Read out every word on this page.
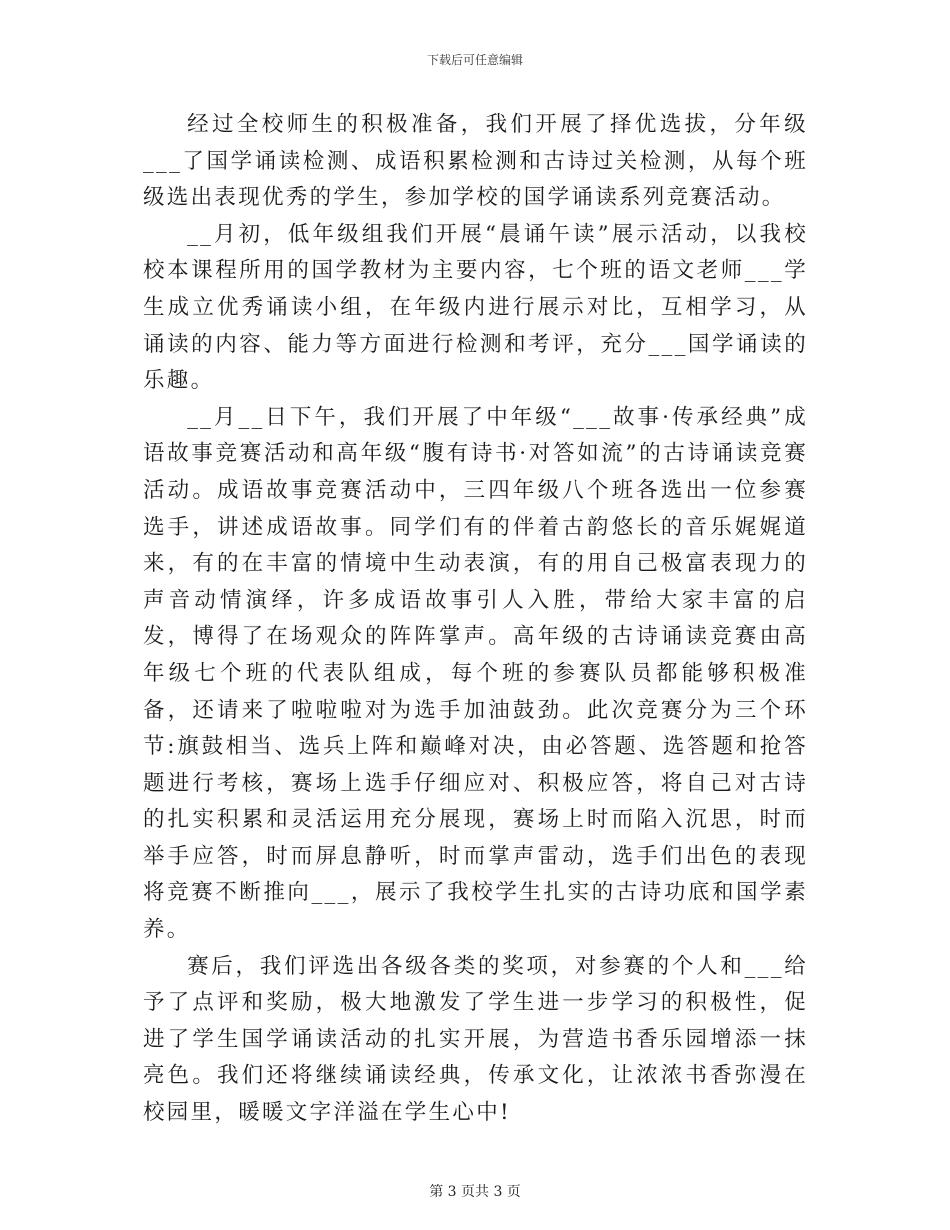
下载后可任意编辑

经过全校师生的积极准备，我们开展了择优选拔，分年级___了国学诵读检测、成语积累检测和古诗过关检测，从每个班级选出表现优秀的学生，参加学校的国学诵读系列竞赛活动。

__月初，低年级组我们开展“晨诵午读”展示活动，以我校校本课程所用的国学教材为主要内容，七个班的语文老师___学生成立优秀诵读小组，在年级内进行展示对比，互相学习，从诵读的内容、能力等方面进行检测和考评，充分___国学诵读的乐趣。

__月__日下午，我们开展了中年级“___故事·传承经典”成语故事竞赛活动和高年级“腹有诗书·对答如流”的古诗诵读竞赛活动。成语故事竞赛活动中，三四年级八个班各选出一位参赛选手，讲述成语故事。同学们有的伴着古韵悠长的音乐娓娓道来，有的在丰富的情境中生动表演，有的用自己极富表现力的声音动情演绎，许多成语故事引人入胜，带给大家丰富的启发，博得了在场观众的阵阵掌声。高年级的古诗诵读竞赛由高年级七个班的代表队组成，每个班的参赛队员都能够积极准备，还请来了啦啦啦对为选手加油鼓劲。此次竞赛分为三个环节:旗鼓相当、选兵上阵和巅峰对决，由必答题、选答题和抢答题进行考核，赛场上选手仔细应对、积极应答，将自己对古诗的扎实积累和灵活运用充分展现，赛场上时而陷入沉思，时而举手应答，时而屏息静听，时而掌声雷动，选手们出色的表现将竞赛不断推向___，展示了我校学生扎实的古诗功底和国学素养。

赛后，我们评选出各级各类的奖项，对参赛的个人和___给予了点评和奖励，极大地激发了学生进一步学习的积极性，促进了学生国学诵读活动的扎实开展，为营造书香乐园增添一抹亮色。我们还将继续诵读经典，传承文化，让浓浓书香弥漫在校园里，暖暖文字洋溢在学生心中!

第 3 页共 3 页
